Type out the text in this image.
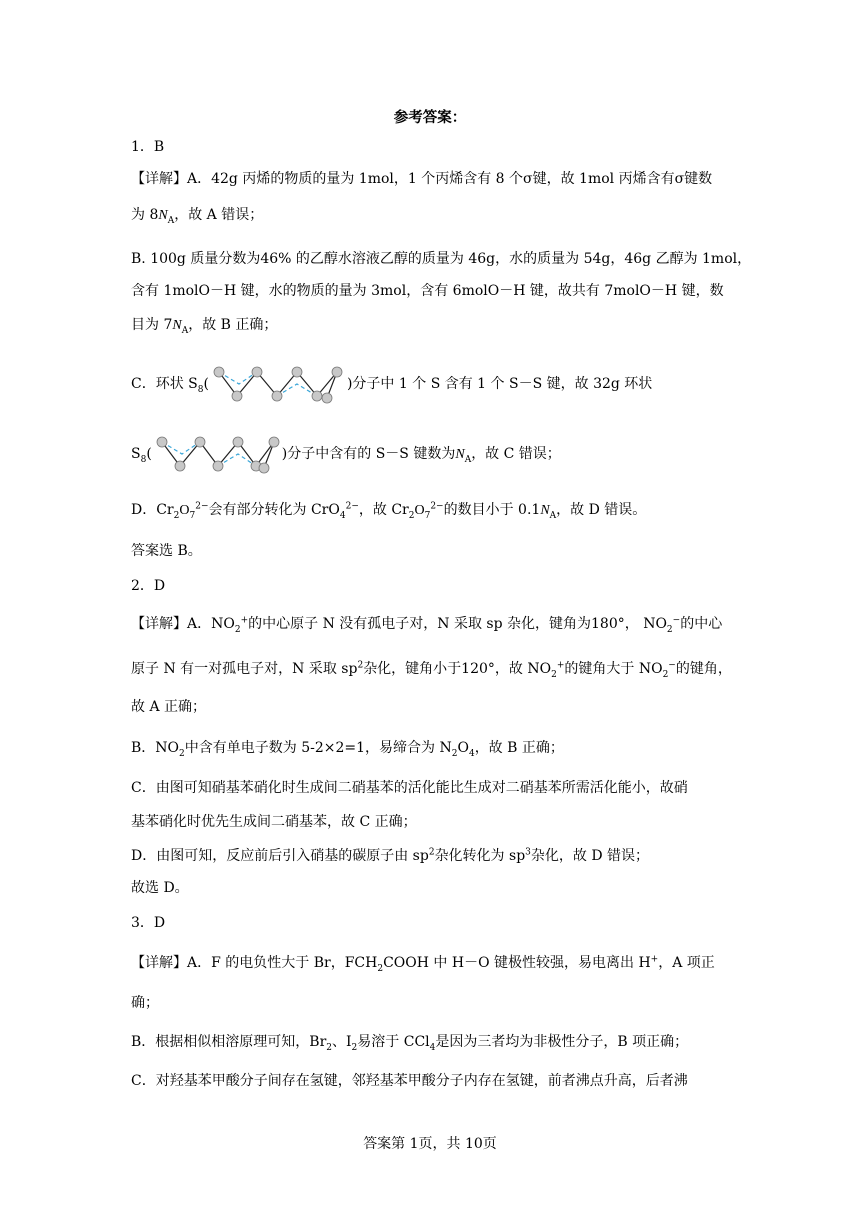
参考答案：
1．B
【详解】A．42g 丙烯的物质的量为 1mol，1 个丙烯含有 8 个σ键，故 1mol 丙烯含有σ键数
为 $8N_A$，故 A 错误；
B. 100g 质量分数为46% 的乙醇水溶液乙醇的质量为 46g，水的质量为 54g，46g 乙醇为 1mol，
含有 1molO－H 键，水的物质的量为 3mol，含有 6molO－H 键，故共有 7molO－H 键，数
目为 $7N_A$，故 B 正确；
C．环状 $S_8$(	)分子中 1 个 S 含有 1 个 S－S 键，故 32g 环状
$S_8$(	)分子中含有的 S－S 键数为$N_A$，故 C 错误；
D．$Cr_2O_7^{2-}$会有部分转化为 CrO$_4^{2-}$，故 $Cr_2O_7^{2-}$的数目小于 $0.1N_A$，故 D 错误。
答案选 B。
2．D
【详解】A．$NO_2^+$的中心原子 N 没有孤电子对，N 采取 sp 杂化，键角为180°， $NO_2^-$的中心
原子 N 有一对孤电子对，N 采取 $sp^2$杂化，键角小于120°，故 $NO_2^+$的键角大于 $NO_2^-$的键角，
故 A 正确；
B．$NO_2$中含有单电子数为 5-2×2=1，易缔合为 $N_2O_4$，故 B 正确；
C．由图可知硝基苯硝化时生成间二硝基苯的活化能比生成对二硝基苯所需活化能小，故硝
基苯硝化时优先生成间二硝基苯，故 C 正确；
D．由图可知，反应前后引入硝基的碳原子由 $sp^2$杂化转化为 $sp^3$杂化，故 D 错误；
故选 D。
3．D
【详解】A．F 的电负性大于 Br，$FCH_2COOH$ 中 H－O 键极性较强，易电离出 H+，A 项正
确；
B．根据相似相溶原理可知，$Br_2$、$I_2$易溶于 CCl$_4$是因为三者均为非极性分子，B 项正确；
C．对羟基苯甲酸分子间存在氢键，邻羟基苯甲酸分子内存在氢键，前者沸点升高，后者沸
答案第 1页，共 10页
